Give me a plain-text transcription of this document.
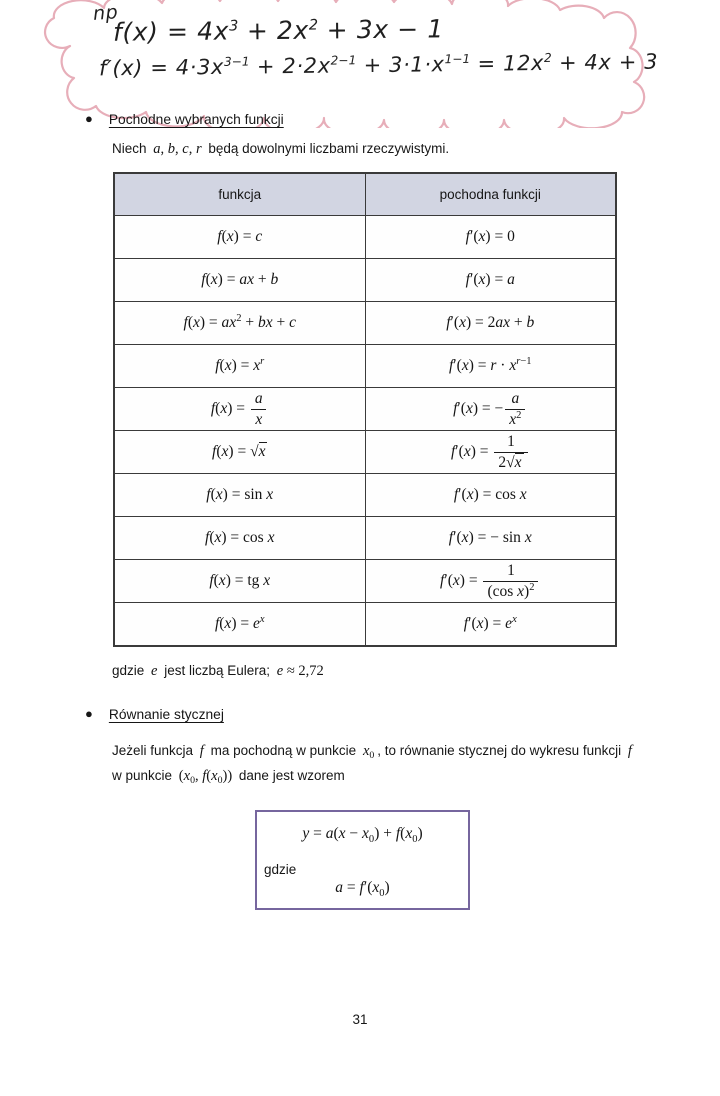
np
$f(x) = 4x^3 + 2x^2 + 3x - 1$
$f'(x) = 4\cdot 3x^{3-1} + 2\cdot 2x^{2-1} + 3\cdot 1\cdot x^{1-1} = 12x^2 + 4x + 3$
● Pochodne wybranych funkcji
Niech a, b, c, r będą dowolnymi liczbami rzeczywistymi.
funkcja	pochodna funkcji
f(x) = c	f′(x) = 0
f(x) = ax + b	f′(x) = a
$f(x) = ax^2$ + bx + c	f′(x) = 2ax + b
$f(x) = x^r$	$f'(x) = r \cdot x^{r-1}$
$f(x) = \frac{a}{x}$	f′(x) = − $\frac{a}{x^2}$

f(x) = √x	$f'(x) = \frac{1}{2√x}$

f(x) = sin x	f′(x) = cos x
f(x) = cos x	f′(x) = − sin x
f(x) = tg x	$f'(x) = \frac{1}{(\cos x)^2}$

$f(x) = e^x$	$f'(x) = e^x$
gdzie e jest liczbą Eulera; e ≈ 2,72
● Równanie stycznej
Jeżeli funkcja f ma pochodną w punkcie $x_0$ , to równanie stycznej do wykresu funkcji f
w punkcie ($x_0$, $f(x_0)$) dane jest wzorem
$y = a(x - x_0) + f(x_0)$
gdzie
$a = f'(x_0)$
31
